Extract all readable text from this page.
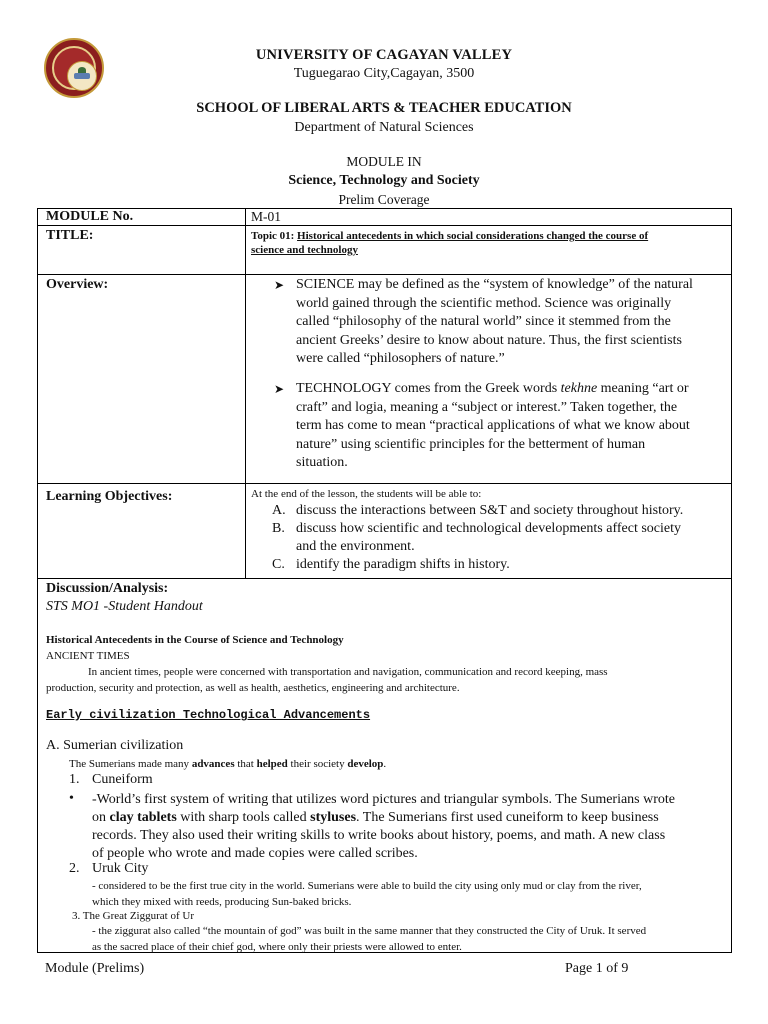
UNIVERSITY OF CAGAYAN VALLEY
Tuguegarao City,Cagayan, 3500
SCHOOL OF LIBERAL ARTS & TEACHER EDUCATION
Department of Natural Sciences
MODULE IN
Science, Technology and Society
Prelim Coverage
MODULE No.	M-01
TITLE:	Topic 01: Historical antecedents in which social considerations changed the course of
science and technology
Overview:	➤ SCIENCE may be defined as the “system of knowledge” of the natural
world gained through the scientific method. Science was originally
called “philosophy of the natural world” since it stemmed from the
ancient Greeks’ desire to know about nature. Thus, the first scientists
were called “philosophers of nature.”
➤ TECHNOLOGY comes from the Greek words tekhne meaning “art or
craft” and logia, meaning a “subject or interest.” Taken together, the
term has come to mean “practical applications of what we know about
nature” using scientific principles for the betterment of human
situation.
Learning Objectives:	At the end of the lesson, the students will be able to:
A. discuss the interactions between S&T and society throughout history.
B. discuss how scientific and technological developments affect society
and the environment.
C. identify the paradigm shifts in history.
Discussion/Analysis:
STS MO1 -Student Handout
Historical Antecedents in the Course of Science and Technology
ANCIENT TIMES
In ancient times, people were concerned with transportation and navigation, communication and record keeping, mass
production, security and protection, as well as health, aesthetics, engineering and architecture.
Early civilization Technological Advancements
A. Sumerian civilization
The Sumerians made many advances that helped their society develop.
1. Cuneiform
• -World’s first system of writing that utilizes word pictures and triangular symbols. The Sumerians wrote
on clay tablets with sharp tools called styluses. The Sumerians first used cuneiform to keep business
records. They also used their writing skills to write books about history, poems, and math. A new class
of people who wrote and made copies were called scribes.
2. Uruk City
- considered to be the first true city in the world. Sumerians were able to build the city using only mud or clay from the river,
which they mixed with reeds, producing Sun-baked bricks.
3. The Great Ziggurat of Ur
- the ziggurat also called “the mountain of god” was built in the same manner that they constructed the City of Uruk. It served
as the sacred place of their chief god, where only their priests were allowed to enter.
Module (Prelims)	Page 1 of 9
